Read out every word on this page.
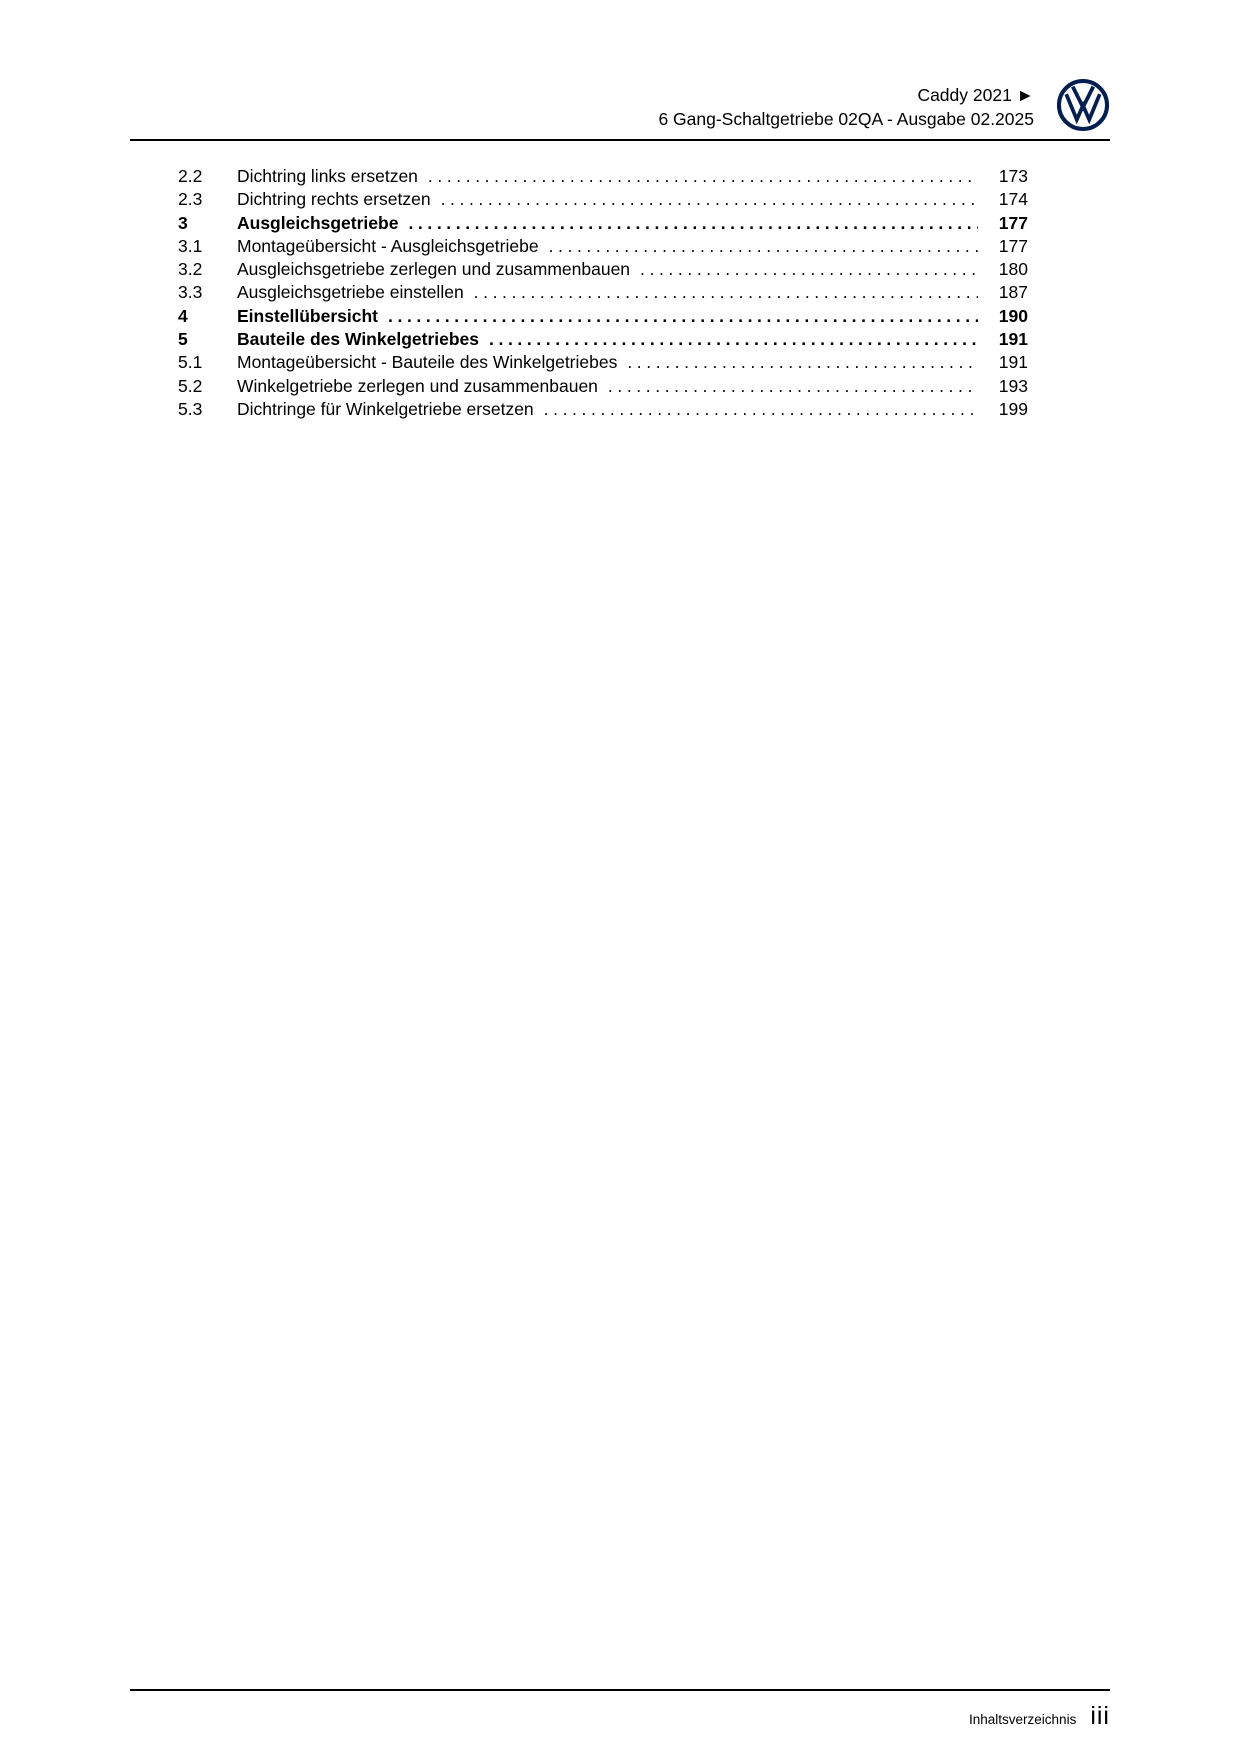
Caddy 2021 ►
6 Gang-Schaltgetriebe 02QA - Ausgabe 02.2025
2.2	Dichtring links ersetzen .....	173
2.3	Dichtring rechts ersetzen .....	174
3	Ausgleichsgetriebe .....	177
3.1	Montageübersicht - Ausgleichsgetriebe .....	177
3.2	Ausgleichsgetriebe zerlegen und zusammenbauen .....	180
3.3	Ausgleichsgetriebe einstellen .....	187
4	Einstellübersicht .....	190
5	Bauteile des Winkelgetriebes .....	191
5.1	Montageübersicht - Bauteile des Winkelgetriebes .....	191
5.2	Winkelgetriebe zerlegen und zusammenbauen .....	193
5.3	Dichtringe für Winkelgetriebe ersetzen .....	199
Inhaltsverzeichnis iii
